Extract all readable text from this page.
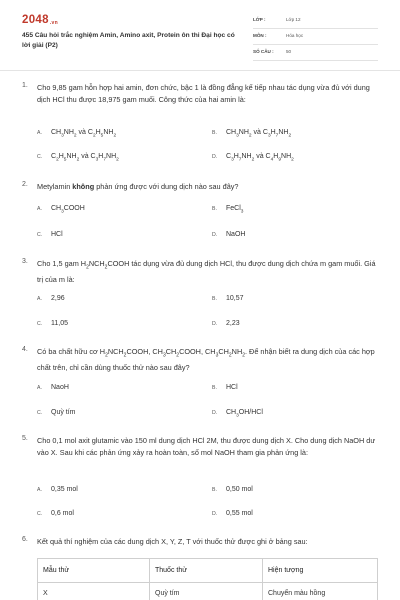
2048.vn
455 Câu hỏi trắc nghiệm Amin, Amino axit, Protein ôn thi Đại học có lời giải (P2)
LỚP :	Lớp 12
MÔN :	Hóa học
SỐ CÂU :	50
1. Cho 9,85 gam hỗn hợp hai amin, đơn chức, bậc 1 là đồng đẳng kế tiếp nhau tác dụng vừa đủ với dung dịch HCl thu được 18,975 gam muối. Công thức của hai amin là:
A. $CH_3NH_2$ và $C_2H_5NH_2$	B. $CH_3NH_2$ và $C_3H_7NH_2$
C. $C_2H_5NH_2$ và $C_3H_7NH_2$	D. $C_3H_7NH_2$ và $C_4H_9NH_2$
2. Metylamin không phản ứng được với dung dịch nào sau đây?
A. $CH_3COOH$	B. FeCl$_3$
C. HCl	D. NaOH
3. Cho 1,5 gam $H_2NCH_2COOH$ tác dụng vừa đủ dung dịch HCl, thu được dung dịch chứa m gam muối. Giá trị của m là:
A. 2,96	B. 10,57
C. 11,05	D. 2,23
4. Có ba chất hữu cơ $H_2NCH_2COOH$, $CH_3CH_2COOH$, $CH_3CH_2NH_2$. Để nhận biết ra dung dịch của các hợp chất trên, chỉ cần dùng thuốc thử nào sau đây?
A. NaoH	B. HCl
C. Quỳ tím	D. $CH_3OH$/HCl
5. Cho 0,1 mol axit glutamic vào 150 ml dung dịch HCl 2M, thu được dung dịch X. Cho dung dịch NaOH dư vào X. Sau khi các phản ứng xảy ra hoàn toàn, số mol NaOH tham gia phản ứng là:
A. 0,35 mol	B. 0,50 mol
C. 0,6 mol	D. 0,55 mol
6. Kết quả thí nghiệm của các dung dịch X, Y, Z, T với thuốc thử được ghi ở bảng sau:
Mẫu thử	Thuốc thử	Hiện tượng
X	Quỳ tím	Chuyển màu hồng
